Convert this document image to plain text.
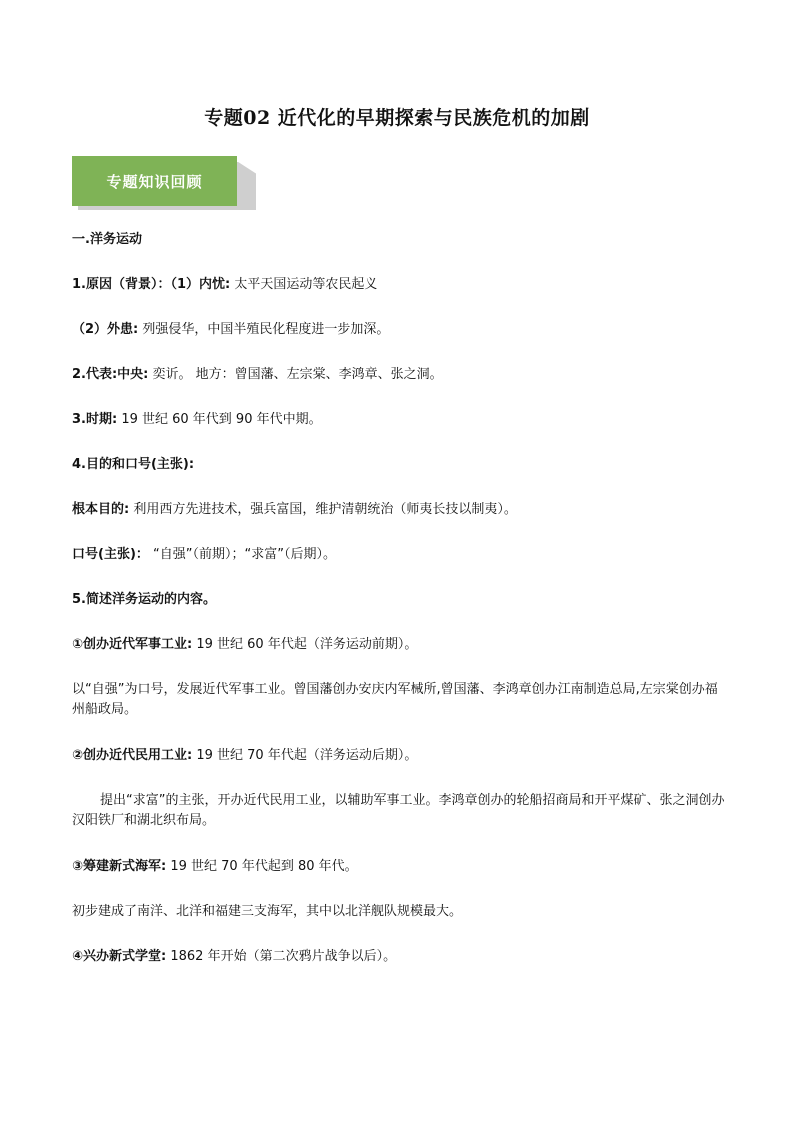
专题02 近代化的早期探索与民族危机的加剧
专题知识回顾

一.洋务运动

1.原因（背景）：（1）内忧: 太平天国运动等农民起义

（2）外患: 列强侵华，中国半殖民化程度进一步加深。

2.代表:中央: 奕䜣。 地方：曾国藩、左宗棠、李鸿章、张之洞。

3.时期: 19 世纪 60 年代到 90 年代中期。

4.目的和口号(主张):

根本目的: 利用西方先进技术，强兵富国，维护清朝统治（师夷长技以制夷）。

口号(主张)： “自强”（前期）；“求富”（后期）。

5.简述洋务运动的内容。

①创办近代军事工业: 19 世纪 60 年代起（洋务运动前期）。

以“自强”为口号，发展近代军事工业。曾国藩创办安庆内军械所,曾国藩、李鸿章创办江南制造总局,左宗棠创办福州船政局。

②创办近代民用工业: 19 世纪 70 年代起（洋务运动后期）。

提出“求富”的主张，开办近代民用工业，以辅助军事工业。李鸿章创办的轮船招商局和开平煤矿、张之洞创办汉阳铁厂和湖北织布局。

③筹建新式海军: 19 世纪 70 年代起到 80 年代。

初步建成了南洋、北洋和福建三支海军，其中以北洋舰队规模最大。

④兴办新式学堂: 1862 年开始（第二次鸦片战争以后）。
